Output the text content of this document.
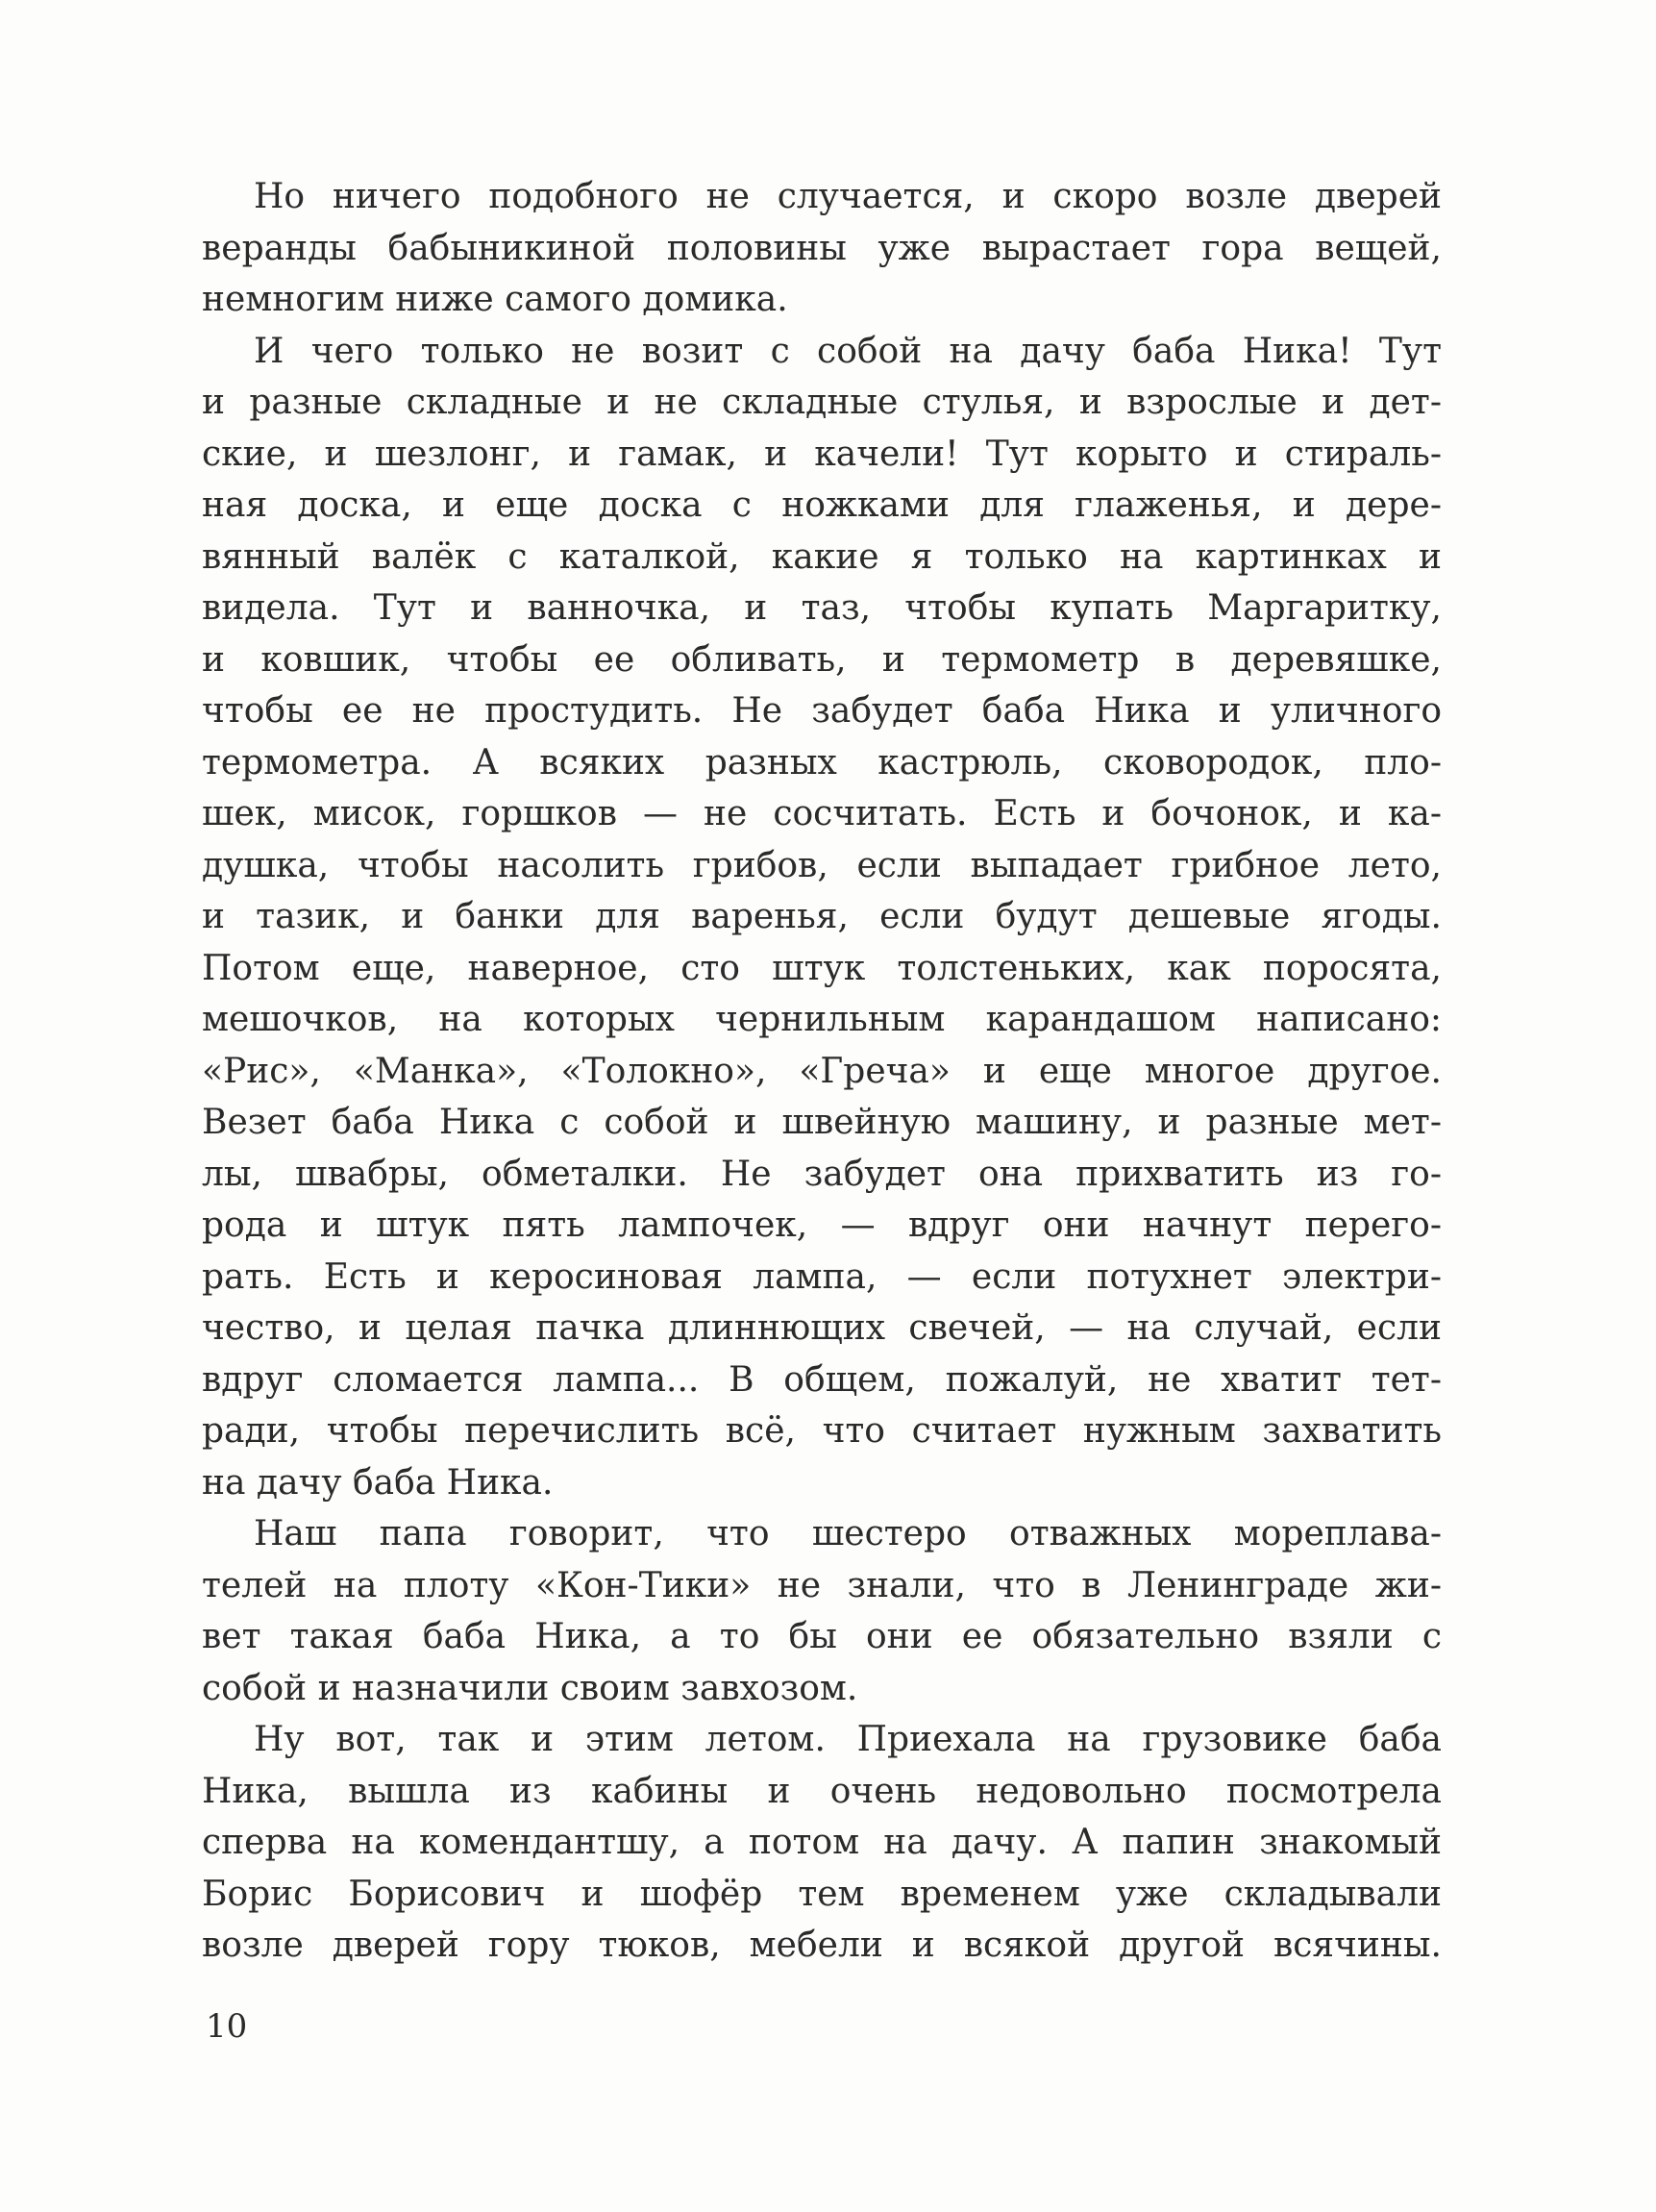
Но ничего подобного не случается, и скоро возле дверей
веранды бабыникиной половины уже вырастает гора вещей,
немногим ниже самого домика.
И чего только не возит с собой на дачу баба Ника! Тут
и разные складные и не складные стулья, и взрослые и дет-
ские, и шезлонг, и гамак, и качели! Тут корыто и стираль-
ная доска, и еще доска с ножками для глаженья, и дере-
вянный валёк с каталкой, какие я только на картинках и
видела. Тут и ванночка, и таз, чтобы купать Маргаритку,
и ковшик, чтобы ее обливать, и термометр в деревяшке,
чтобы ее не простудить. Не забудет баба Ника и уличного
термометра. А всяких разных кастрюль, сковородок, пло-
шек, мисок, горшков — не сосчитать. Есть и бочонок, и ка-
душка, чтобы насолить грибов, если выпадает грибное лето,
и тазик, и банки для варенья, если будут дешевые ягоды.
Потом еще, наверное, сто штук толстеньких, как поросята,
мешочков, на которых чернильным карандашом написано:
«Рис», «Манка», «Толокно», «Греча» и еще многое другое.
Везет баба Ника с собой и швейную машину, и разные мет-
лы, швабры, обметалки. Не забудет она прихватить из го-
рода и штук пять лампочек, — вдруг они начнут перего-
рать. Есть и керосиновая лампа, — если потухнет электри-
чество, и целая пачка длиннющих свечей, — на случай, если
вдруг сломается лампа... В общем, пожалуй, не хватит тет-
ради, чтобы перечислить всё, что считает нужным захватить
на дачу баба Ника.
Наш папа говорит, что шестеро отважных мореплава-
телей на плоту «Кон-Тики» не знали, что в Ленинграде жи-
вет такая баба Ника, а то бы они ее обязательно взяли с
собой и назначили своим завхозом.
Ну вот, так и этим летом. Приехала на грузовике баба
Ника, вышла из кабины и очень недовольно посмотрела
сперва на комендантшу, а потом на дачу. А папин знакомый
Борис Борисович и шофёр тем временем уже складывали
возле дверей гору тюков, мебели и всякой другой всячины.
10
